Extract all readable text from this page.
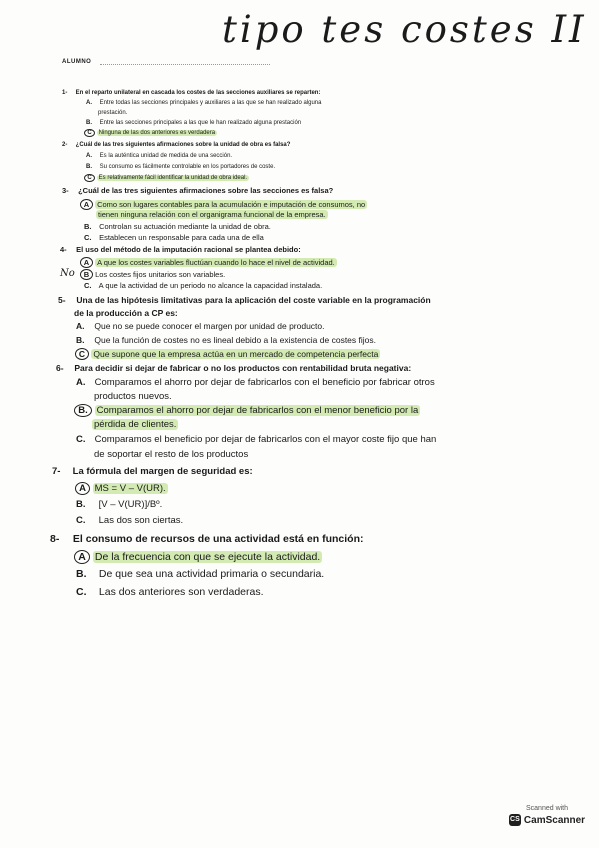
tipo tes costes II
ALUMNO
No
1- En el reparto unilateral en cascada los costes de las secciones auxiliares se reparten:
A. Entre todas las secciones principales y auxiliares a las que se han realizado alguna
prestación.
B. Entre las secciones principales a las que le han realizado alguna prestación
C Ninguna de las dos anteriores es verdadera
2- ¿Cuál de las tres siguientes afirmaciones sobre la unidad de obra es falsa?
A. Es la auténtica unidad de medida de una sección.
B. Su consumo es fácilmente controlable en los portadores de coste.
C Es relativamente fácil identificar la unidad de obra ideal.
3- ¿Cuál de las tres siguientes afirmaciones sobre las secciones es falsa?
A Como son lugares contables para la acumulación e imputación de consumos, no
tienen ninguna relación con el organigrama funcional de la empresa.
B. Controlan su actuación mediante la unidad de obra.
C. Establecen un responsable para cada una de ella
4- El uso del método de la imputación racional se plantea debido:
A A que los costes variables fluctúan cuando lo hace el nivel de actividad.
B Los costes fijos unitarios son variables.
C. A que la actividad de un periodo no alcance la capacidad instalada.
5- Una de las hipótesis limitativas para la aplicación del coste variable en la programación
de la producción a CP es:
A. Que no se puede conocer el margen por unidad de producto.
B. Que la función de costes no es lineal debido a la existencia de costes fijos.
C Que supone que la empresa actúa en un mercado de competencia perfecta
6- Para decidir si dejar de fabricar o no los productos con rentabilidad bruta negativa:
A. Comparamos el ahorro por dejar de fabricarlos con el beneficio por fabricar otros
productos nuevos.
B. Comparamos el ahorro por dejar de fabricarlos con el menor beneficio por la
pérdida de clientes.
C. Comparamos el beneficio por dejar de fabricarlos con el mayor coste fijo que han
de soportar el resto de los productos
7- La fórmula del margen de seguridad es:
A MS = V – V(UR).
B. [V – V(UR)]/Bº.
C. Las dos son ciertas.
8- El consumo de recursos de una actividad está en función:
A De la frecuencia con que se ejecute la actividad.
B. De que sea una actividad primaria o secundaria.
C. Las dos anteriores son verdaderas.
Scanned with
CS CamScanner
